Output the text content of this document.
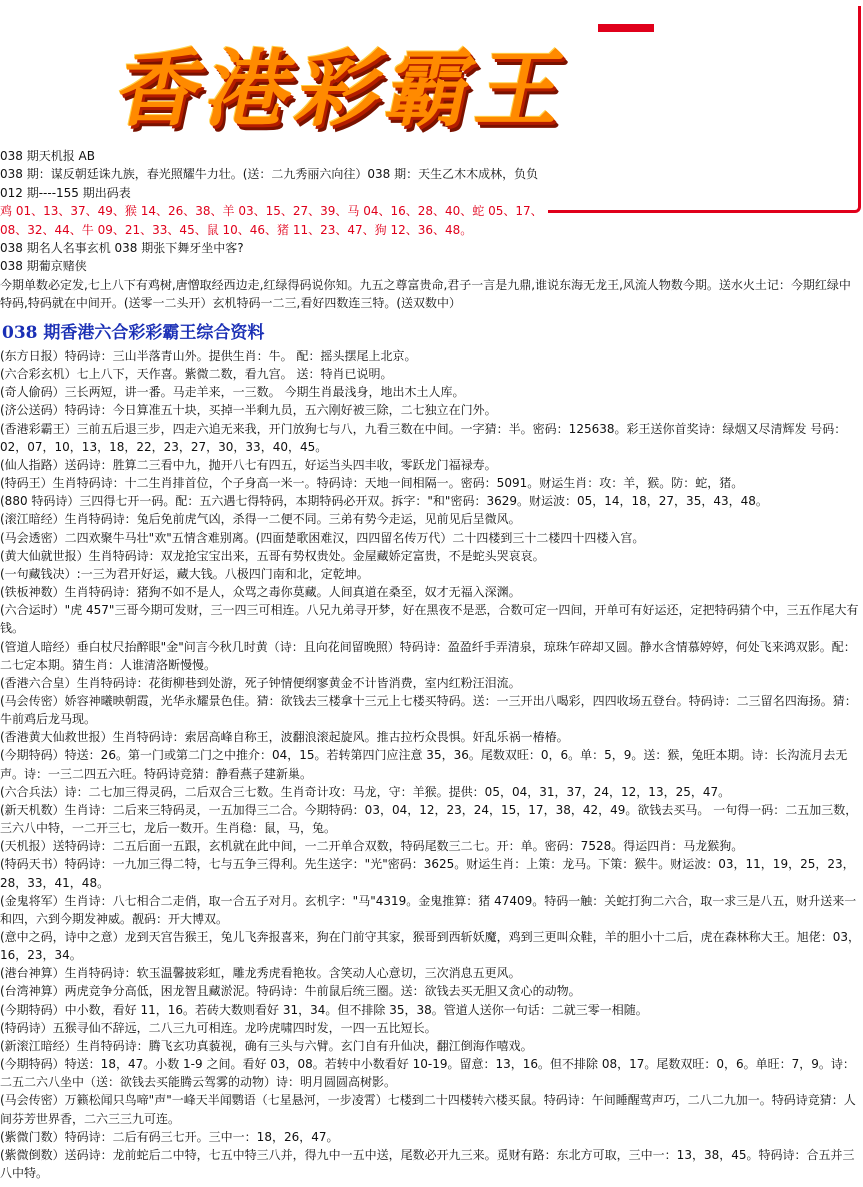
香港彩霸王
038 期天机报 AB
038 期：谋反朝廷诛九族，春光照耀牛力壮。(送：二九秀丽六向往）038 期：天生乙木木成林，负负
012 期----155 期出码表
鸡 01、13、37、49、猴 14、26、38、羊 03、15、27、39、马 04、16、28、40、蛇 05、17、
08、32、44、牛 09、21、33、45、鼠 10、46、猪 11、23、47、狗 12、36、48。
038 期名人名事玄机 038 期张下舞牙坐中客?
038 期葡京赌侠
今期单数必定发,七上八下有鸡树,唐憎取经西边走,红绿得码说你知。九五之尊富贵命,君子一言是九鼎,谁说东海无龙王,风流人物数今期。送水火土记：今期红绿中特码,特码就在中间开。(送零一二头开）玄机特码一二三,看好四数连三特。(送双数中）
038 期香港六合彩彩霸王综合资料

(东方日报）特码诗：三山半落青山外。提供生肖：牛。 配：摇头摆尾上北京。

(六合彩玄机）七上八下，天作喜。紫微二数，看九宫。 送：特肖已说明。

(奇人偷码）三长两短，讲一番。马走羊来，一三数。 今期生肖最浅身，地出木土人库。

(济公送码）特码诗：今日算准五十块，买掉一半剩九员，五六刚好被三除，二七独立在门外。

(香港彩霸王）三前五后退三步，四走六追无来我，开门放狗七与八，九看三数在中间。一字猜：半。密码：125638。彩王送你首奖诗：绿烟又尽清辉发 号码：02，07，10，13，18，22，23，27，30，33，40，45。

(仙人指路）送码诗：胜算二三看中九，抛开八七有四五，好运当头四丰收，零跃龙门福禄寿。

(特码王）生肖特码诗：十二生肖排首位，个子身高一米一。特码诗：天地一间相隔一。密码：5091。财运生肖：攻：羊，猴。防：蛇，猪。

(880 特码诗）三四得七开一码。配：五六遇七得特码，本期特码必开双。拆字："和"密码：3629。财运波：05，14，18，27，35，43，48。

(滚江暗经）生肖特码诗：兔后免前虎气凶，杀得一二便不同。三弟有势今走运，见前见后呈微风。

(马会透密）二四欢聚牛马壮"欢"五情含难别离。(四面楚歌困难汉，四四留名传万代）二十四楼到三十二楼四十四楼入宫。

(黄大仙就世报）生肖特码诗：双龙抢宝宝出来，五哥有势权贵处。金屋藏娇定富贵，不是蛇头哭哀哀。

(一句藏钱决）:一三为君开好运，藏大钱。八极四门南和北，定乾坤。

(铁板神数）生肖特码诗：猪狗不如不是人，众骂之毒你莫藏。人间真道在桑至，奴才无福入深渊。

(六合运时）"虎 457"三哥今期可发财，三一四三可相连。八兄九弟寻开梦，好在黑夜不是恶，合数可定一四间，开单可有好运还，定把特码猜个中，三五作尾大有钱。

(管道人暗经）垂白杖尺抬醉眼"金"问言今秋几时黄（诗：且向花间留晚照）特码诗：盈盈纤手弄清泉，琼珠乍碎却又圆。静水含情慕婷婷，何处飞来鸿双影。配：二七定本期。猜生肖：人谁清洛断慢慢。

(香港六合皇）生肖特码诗：花街柳巷到处游，死子钟情便纲寥黄金不计皆消费，室内红粉汪泪流。

(马会传密）娇容神曦映朝霞，光华永耀景色佳。猜：欲钱去三楼拿十三元上七楼买特码。送：一三开出八喝彩，四四收场五登台。特码诗：二三留名四海扬。猜：牛前鸡后龙马现。

(香港黄大仙救世报）生肖特码诗：索居高峰自称王，波翻浪滚起旋风。推古拉朽众畏惧。奸乱乐祸一椿椿。

(今期特码）特送：26。第一门或第二门之中推介：04，15。若转第四门应注意 35，36。尾数双旺：0，6。单：5，9。送：猴，兔旺本期。诗：长沟流月去无声。诗：一三二四五六旺。特码诗竞猜：静看燕子建新巢。

(六合兵法）诗：二七加三得灵码，二后双合三七数。生肖奇计攻：马龙，守：羊猴。提供：05，04，31，37，24，12，13，25，47。

(新天机数）生肖诗：二后来三特码灵，一五加得三二合。今期特码：03，04，12，23，24，15，17，38，42，49。欲钱去买马。 一句得一码：二五加三数，三六八中特，一二开三七，龙后一数开。生肖稳：鼠，马，兔。

(天机报）送特码诗：二五后面一五跟，玄机就在此中间，一二开单合双数，特码尾数三二七。开：单。密码：7528。得运四肖：马龙猴狗。

(特码天书）特码诗：一九加三得二特，七与五争三得利。先生送字："光"密码：3625。财运生肖：上策：龙马。下策：猴牛。财运波：03，11，19，25，23，28，33，41，48。

(金鬼将军）生肖诗：八七相合二走俏，取一合五子对月。玄机字："马"4319。金鬼推算：猪 47409。特码一触：关蛇打狗二六合，取一求三是八五，财升送来一和四，六到今期发神威。靓码：开大博双。

(意中之码，诗中之意）龙到天宫告猴王，兔儿飞奔报喜来，狗在门前守其家，猴哥到西斩妖魔，鸡到三更叫众鞋，羊的胆小十二后，虎在森林称大王。旭佬：03，16，23，34。

(港台神算）生肖特码诗：软玉温馨披彩虹，雕龙秀虎看艳妆。含笑动人心意切，三次消息五更风。

(台湾神算）两虎竞争分高低，困龙智且藏淤泥。特码诗：牛前鼠后统三圈。送：欲钱去买无胆又贪心的动物。

(今期特码）中小数，看好 11，16。若砖大数则看好 31，34。但不排除 35，38。管道人送你一句话：二就三零一相随。

(特码诗）五猴寻仙不辞远，二八三九可相连。龙吟虎啸四时发，一四一五比短长。

(新滚江暗经）生肖特码诗：腾飞玄功真藐视，确有三头与六臂。玄门自有升仙决，翻江倒海作嘻戏。

(今期特码）特送：18，47。小数 1-9 之间。看好 03，08。若转中小数看好 10-19。留意：13，16。但不排除 08，17。尾数双旺：0，6。单旺：7，9。诗：二五二六八坐中（送：欲钱去买能腾云驾雾的动物）诗：明月圆圆高树影。

(马会传密）万籁松闻只鸟啼"声"一峰天半闻鹦语（七星悬河，一步凌霄）七楼到二十四楼转六楼买鼠。特码诗：午间睡醒莺声巧，二八二九加一。特码诗竞猜：人间芬芳世界香，二六三三九可连。

(紫微门数）特码诗：二后有码三七开。三中一：18，26，47。

(紫微倒数）送码诗：龙前蛇后二中特，七五中特三八并，得九中一五中送，尾数必开九三来。觅财有路：东北方可取，三中一：13，38，45。特码诗：合五并三八中特。
